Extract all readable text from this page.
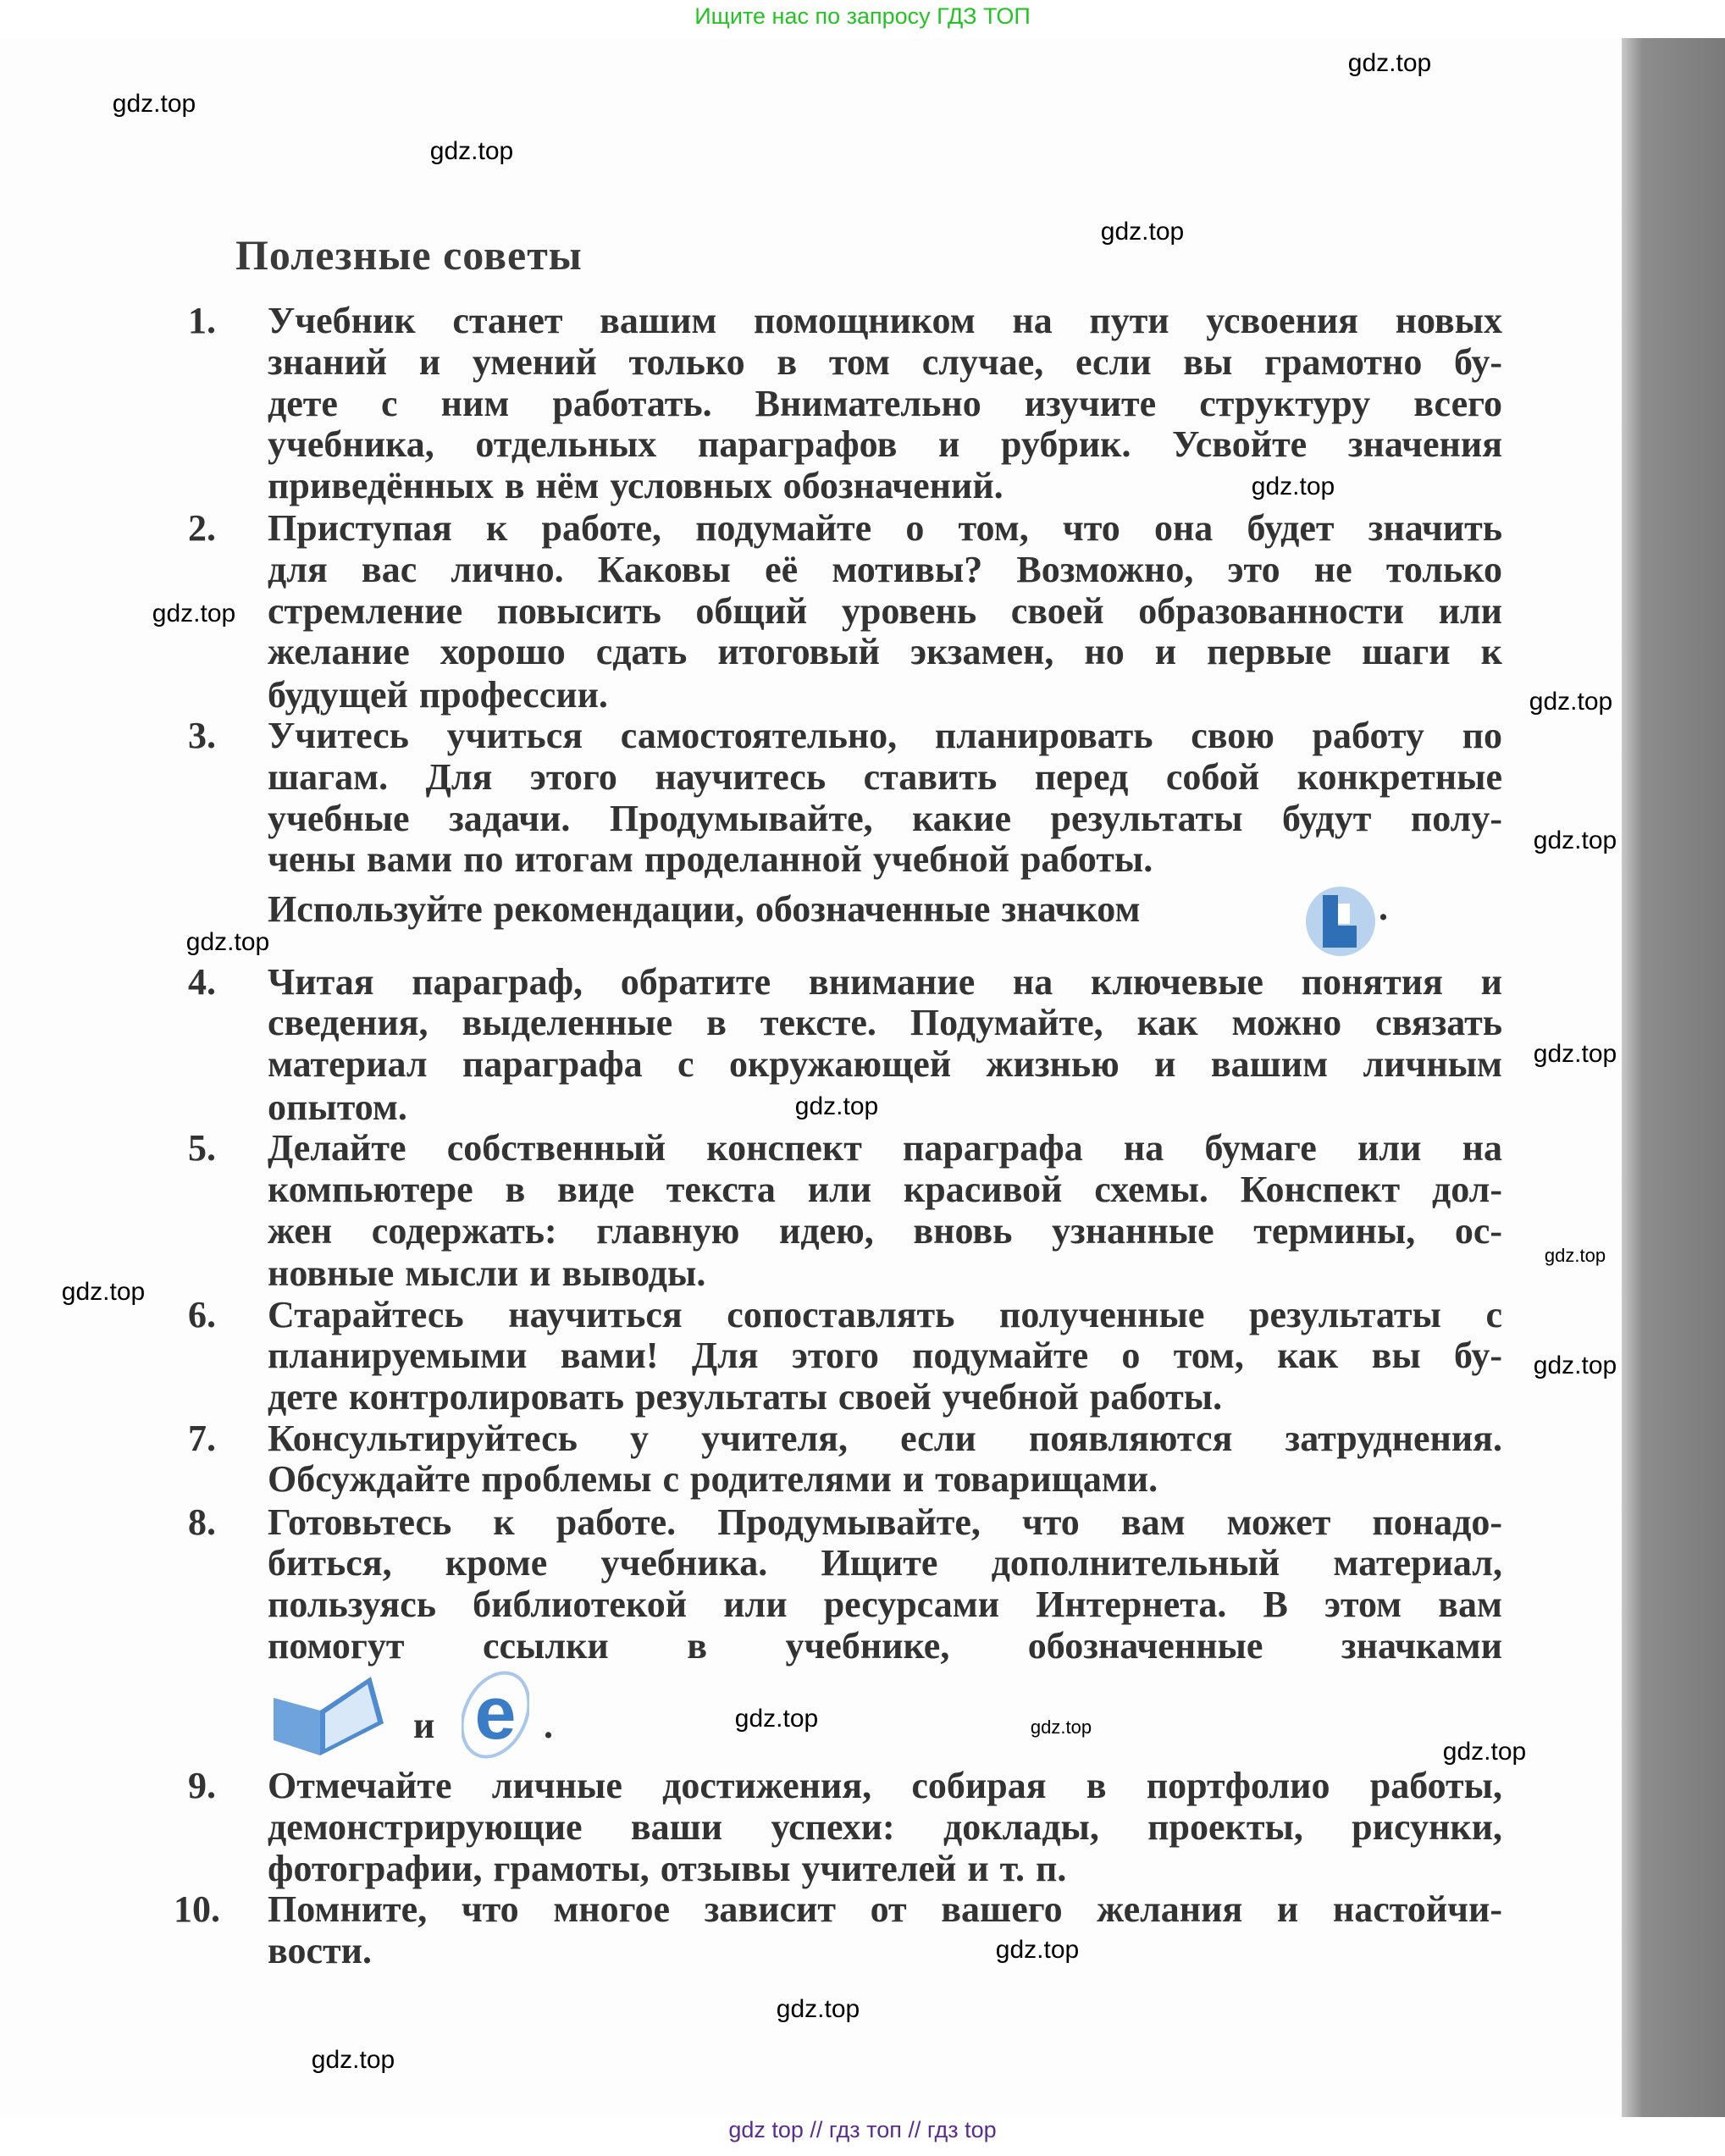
Ищите нас по запросу ГДЗ ТОП
Полезные советы
1. Учебник станет вашим помощником на пути усвоения новых
знаний и умений только в том случае, если вы грамотно бу-
дете с ним работать. Внимательно изучите структуру всего
учебника, отдельных параграфов и рубрик. Усвойте значения
приведённых в нём условных обозначений.
2. Приступая к работе, подумайте о том, что она будет значить
для вас лично. Каковы её мотивы? Возможно, это не только
стремление повысить общий уровень своей образованности или
желание хорошо сдать итоговый экзамен, но и первые шаги к
будущей профессии.
3. Учитесь учиться самостоятельно, планировать свою работу по
шагам. Для этого научитесь ставить перед собой конкретные
учебные задачи. Продумывайте, какие результаты будут полу-
чены вами по итогам проделанной учебной работы.
Используйте рекомендации, обозначенные значком
4. Читая параграф, обратите внимание на ключевые понятия и
сведения, выделенные в тексте. Подумайте, как можно связать
материал параграфа с окружающей жизнью и вашим личным
опытом.
5. Делайте собственный конспект параграфа на бумаге или на
компьютере в виде текста или красивой схемы. Конспект дол-
жен содержать: главную идею, вновь узнанные термины, ос-
новные мысли и выводы.
6. Старайтесь научиться сопоставлять полученные результаты с
планируемыми вами! Для этого подумайте о том, как вы бу-
дете контролировать результаты своей учебной работы.
7. Консультируйтесь у учителя, если появляются затруднения.
Обсуждайте проблемы с родителями и товарищами.
8. Готовьтесь к работе. Продумывайте, что вам может понадо-
биться, кроме учебника. Ищите дополнительный материал,
пользуясь библиотекой или ресурсами Интернета. В этом вам
помогут ссылки в учебнике, обозначенные значками
9. Отмечайте личные достижения, собирая в портфолио работы,
демонстрирующие ваши успехи: доклады, проекты, рисунки,
фотографии, грамоты, отзывы учителей и т. п.
10. Помните, что многое зависит от вашего желания и настойчи-
вости.
.
и e .
gdz.top
gdz.top
gdz.top
gdz.top
gdz.top
gdz.top
gdz.top
gdz.top
gdz.top
gdz.top
gdz.top
gdz.top
gdz.top
gdz.top
gdz.top
gdz.top
gdz.top
gdz.top
gdz.top
gdz.top
gdz top // гдз топ // гдз top
